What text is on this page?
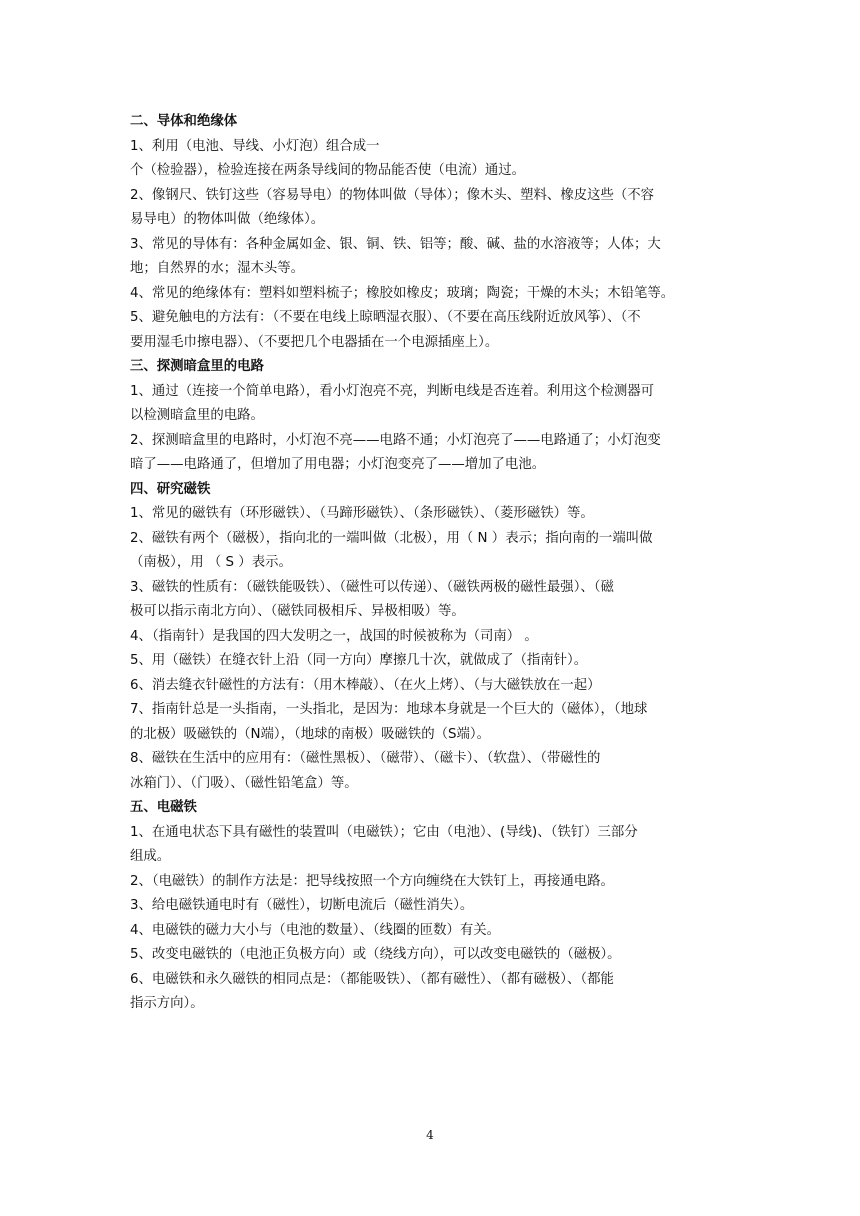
二、导体和绝缘体
1、利用（电池、导线、小灯泡）组合成一
个（检验器），检验连接在两条导线间的物品能否使（电流）通过。
2、像钢尺、铁钉这些（容易导电）的物体叫做（导体）；像木头、塑料、橡皮这些（不容
易导电）的物体叫做（绝缘体）。
3、常见的导体有：各种金属如金、银、铜、铁、铝等；酸、碱、盐的水溶液等；人体；大
地；自然界的水；湿木头等。
4、常见的绝缘体有：塑料如塑料梳子；橡胶如橡皮；玻璃；陶瓷；干燥的木头；木铅笔等。
5、避免触电的方法有：（不要在电线上晾晒湿衣服）、（不要在高压线附近放风筝）、（不
要用湿毛巾擦电器）、（不要把几个电器插在一个电源插座上）。
三、探测暗盒里的电路
1、通过（连接一个简单电路），看小灯泡亮不亮，判断电线是否连着。利用这个检测器可
以检测暗盒里的电路。
2、探测暗盒里的电路时，小灯泡不亮——电路不通；小灯泡亮了——电路通了；小灯泡变
暗了——电路通了，但增加了用电器；小灯泡变亮了——增加了电池。
四、研究磁铁
1、常见的磁铁有（环形磁铁）、（马蹄形磁铁）、（条形磁铁）、（菱形磁铁）等。
2、磁铁有两个（磁极），指向北的一端叫做（北极），用（ N ）表示；指向南的一端叫做
（南极），用 （ S ）表示。
3、磁铁的性质有：（磁铁能吸铁）、（磁性可以传递）、（磁铁两极的磁性最强）、（磁
极可以指示南北方向）、（磁铁同极相斥、异极相吸）等。
4、（指南针）是我国的四大发明之一，战国的时候被称为（司南） 。
5、用（磁铁）在缝衣针上沿（同一方向）摩擦几十次，就做成了（指南针）。
6、消去缝衣针磁性的方法有：（用木棒敲）、（在火上烤）、（与大磁铁放在一起）
7、指南针总是一头指南，一头指北，是因为：地球本身就是一个巨大的（磁体），（地球
的北极）吸磁铁的（N端），（地球的南极）吸磁铁的（S端）。
8、磁铁在生活中的应用有：（磁性黑板）、（磁带）、（磁卡）、（软盘）、（带磁性的
冰箱门）、（门吸）、（磁性铅笔盒）等。
五、电磁铁
1、在通电状态下具有磁性的装置叫（电磁铁）；它由（电池）、(导线)、（铁钉）三部分
组成。
2、（电磁铁）的制作方法是：把导线按照一个方向缠绕在大铁钉上，再接通电路。
3、给电磁铁通电时有（磁性），切断电流后（磁性消失）。
4、电磁铁的磁力大小与（电池的数量）、（线圈的匝数）有关。
5、改变电磁铁的（电池正负极方向）或（绕线方向），可以改变电磁铁的（磁极）。
6、电磁铁和永久磁铁的相同点是：（都能吸铁）、（都有磁性）、（都有磁极）、（都能
指示方向）。
4
